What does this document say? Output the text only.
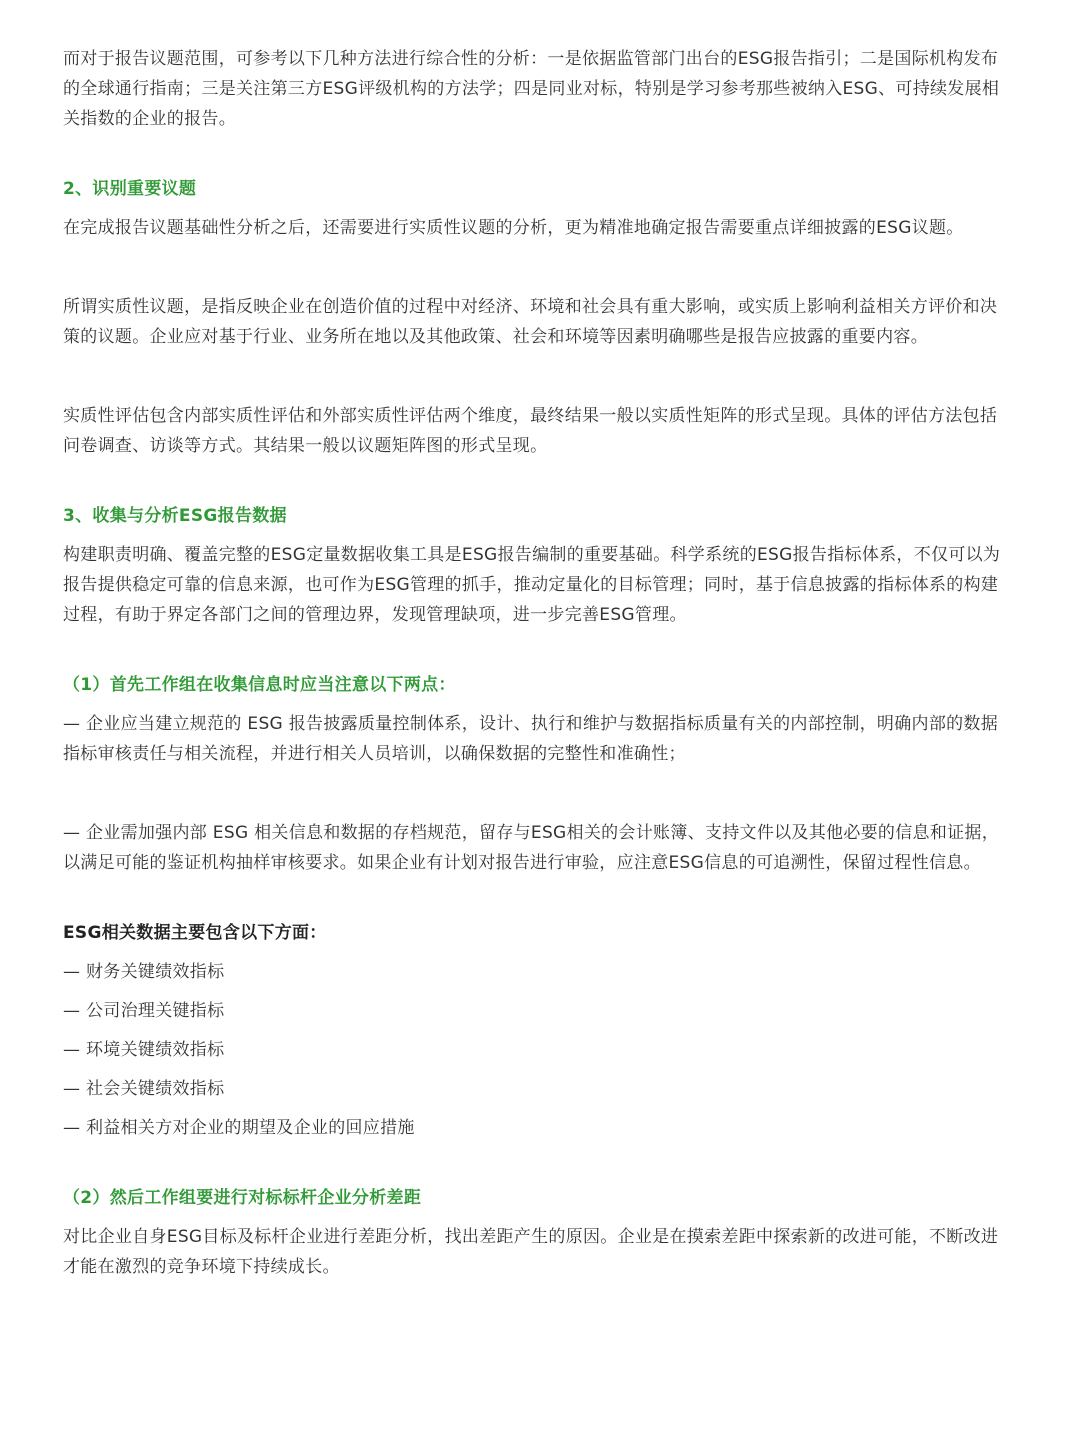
而对于报告议题范围，可参考以下几种方法进行综合性的分析：一是依据监管部门出台的ESG报告指引；二是国际机构发布的全球通行指南；三是关注第三方ESG评级机构的方法学；四是同业对标，特别是学习参考那些被纳入ESG、可持续发展相关指数的企业的报告。

2、识别重要议题

在完成报告议题基础性分析之后，还需要进行实质性议题的分析，更为精准地确定报告需要重点详细披露的ESG议题。

所谓实质性议题，是指反映企业在创造价值的过程中对经济、环境和社会具有重大影响，或实质上影响利益相关方评价和决策的议题。企业应对基于行业、业务所在地以及其他政策、社会和环境等因素明确哪些是报告应披露的重要内容。

实质性评估包含内部实质性评估和外部实质性评估两个维度，最终结果一般以实质性矩阵的形式呈现。具体的评估方法包括问卷调查、访谈等方式。其结果一般以议题矩阵图的形式呈现。

3、收集与分析ESG报告数据

构建职责明确、覆盖完整的ESG定量数据收集工具是ESG报告编制的重要基础。科学系统的ESG报告指标体系，不仅可以为报告提供稳定可靠的信息来源，也可作为ESG管理的抓手，推动定量化的目标管理；同时，基于信息披露的指标体系的构建过程，有助于界定各部门之间的管理边界，发现管理缺项，进一步完善ESG管理。

（1）首先工作组在收集信息时应当注意以下两点：

— 企业应当建立规范的 ESG 报告披露质量控制体系，设计、执行和维护与数据指标质量有关的内部控制，明确内部的数据指标审核责任与相关流程，并进行相关人员培训，以确保数据的完整性和准确性；

— 企业需加强内部 ESG 相关信息和数据的存档规范，留存与ESG相关的会计账簿、支持文件以及其他必要的信息和证据，以满足可能的鉴证机构抽样审核要求。如果企业有计划对报告进行审验，应注意ESG信息的可追溯性，保留过程性信息。

ESG相关数据主要包含以下方面：

— 财务关键绩效指标

— 公司治理关键指标

— 环境关键绩效指标

— 社会关键绩效指标

— 利益相关方对企业的期望及企业的回应措施

（2）然后工作组要进行对标标杆企业分析差距

对比企业自身ESG目标及标杆企业进行差距分析，找出差距产生的原因。企业是在摸索差距中探索新的改进可能，不断改进才能在激烈的竞争环境下持续成长。
